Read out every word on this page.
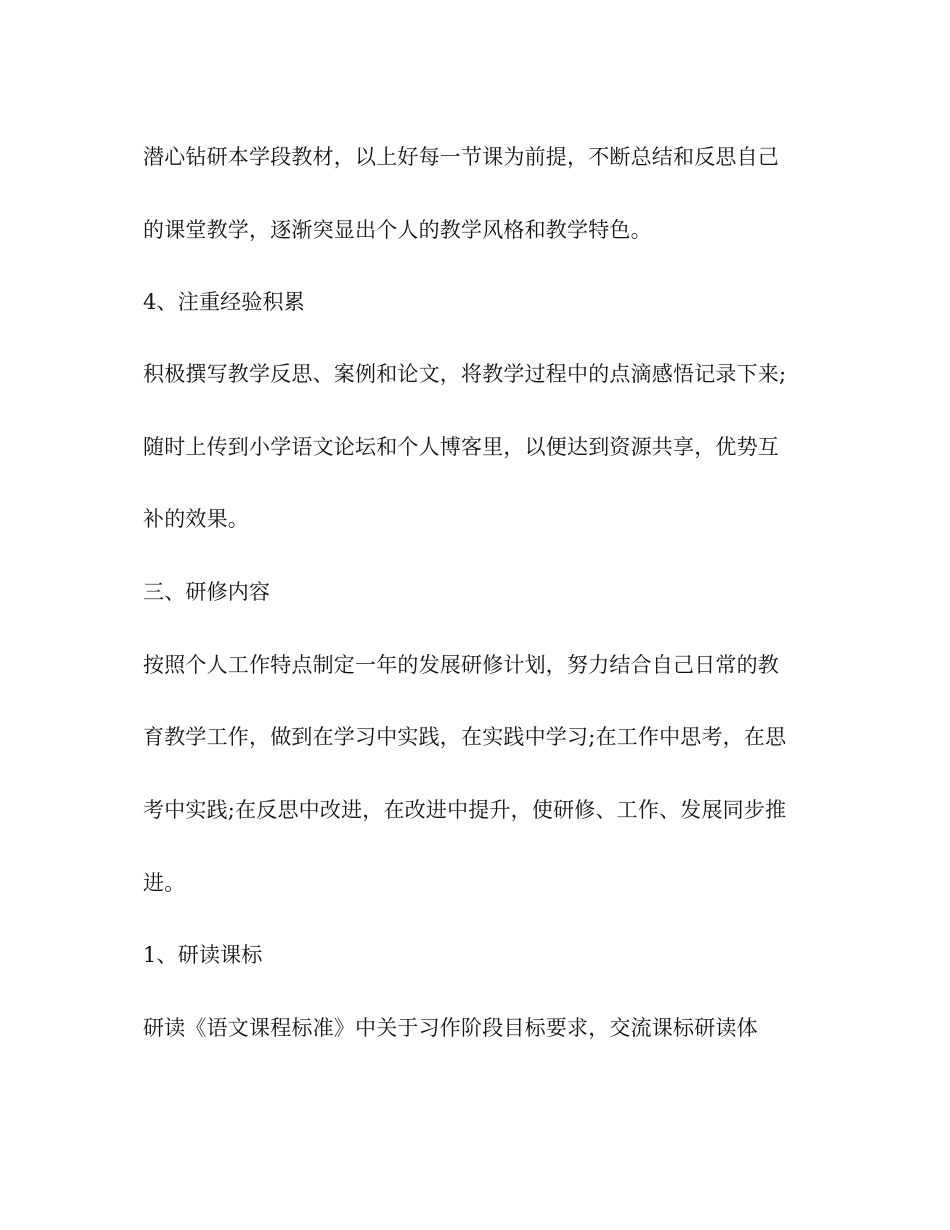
潜心钻研本学段教材，以上好每一节课为前提，不断总结和反思自己
的课堂教学，逐渐突显出个人的教学风格和教学特色。
4、注重经验积累
积极撰写教学反思、案例和论文，将教学过程中的点滴感悟记录下来;
随时上传到小学语文论坛和个人博客里，以便达到资源共享，优势互
补的效果。
三、研修内容
按照个人工作特点制定一年的发展研修计划，努力结合自己日常的教
育教学工作，做到在学习中实践，在实践中学习;在工作中思考，在思
考中实践;在反思中改进，在改进中提升，使研修、工作、发展同步推
进。
1、研读课标
研读《语文课程标准》中关于习作阶段目标要求，交流课标研读体
